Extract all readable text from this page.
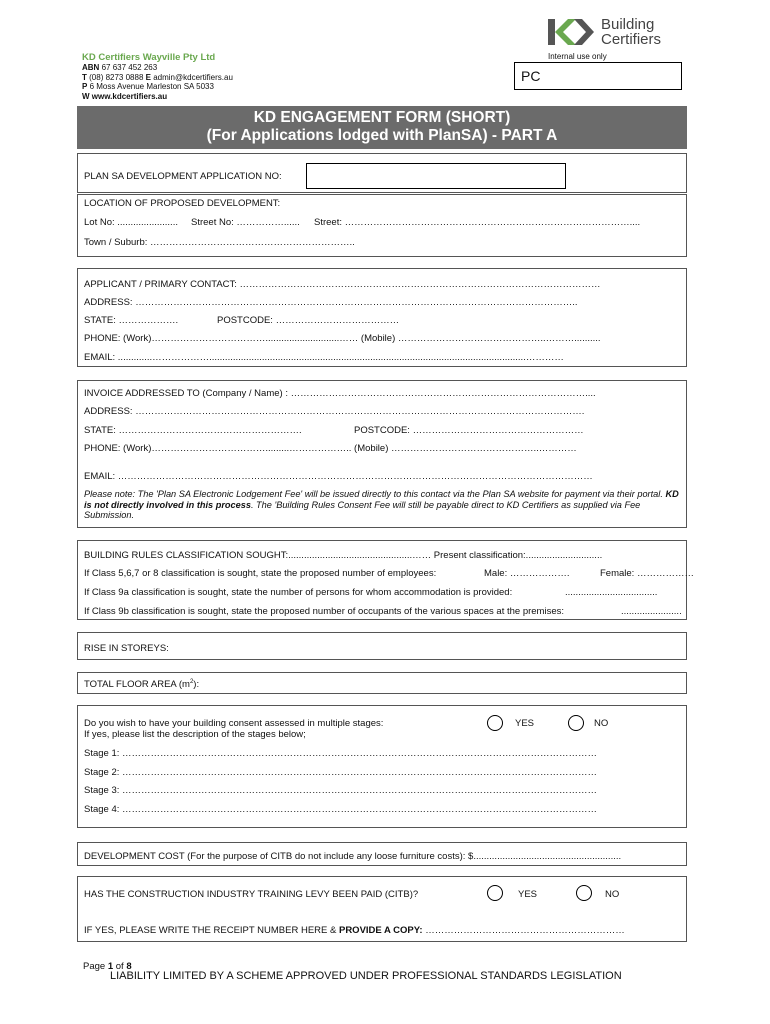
Building
Certifiers
KD Certifiers Wayville Pty Ltd
ABN 67 637 452 263
T (08) 8273 0888 E admin@kdcertifiers.au
P 6 Moss Avenue Marleston SA 5033
W www.kdcertifiers.au
Internal use only
PC
KD ENGAGEMENT FORM (SHORT)
(For Applications lodged with PlanSA) - PART A
PLAN SA DEVELOPMENT APPLICATION NO:
LOCATION OF PROPOSED DEVELOPMENT:
Lot No: ....................... Street No: ……………...... Street: ………………………………………………………………………………....
Town / Suburb: ………………………………………………………..
APPLICANT / PRIMARY CONTACT: ……………………………………………………………………………………………………
ADDRESS: …………………………………………………………………………………………………………………………..
STATE: ……………….	POSTCODE: …………………………………
PHONE: (Work)………………………………............................…… (Mobile) ………………………………………..………..........
EMAIL: .............………………........................................................................................................................…………
INVOICE ADDRESSED TO (Company / Name) : …………………………………………………………………………………....
ADDRESS: …………………………………………………………………………………………………………………………….
STATE: ………………………………………………….	POSTCODE: ………………………………………………
PHONE: (Work)……………………………….........……………….. (Mobile) ………………………………………..…………
EMAIL: ……………………………………………………………………………………………………………………………………
Please note: The 'Plan SA Electronic Lodgement Fee' will be issued directly to this contact via the Plan SA website for payment via their portal. KD is not directly involved in this process. The 'Building Rules Consent Fee will still be payable direct to KD Certifiers as supplied via Fee Submission.
BUILDING RULES CLASSIFICATION SOUGHT:...............................................…… Present classification:.............................
If Class 5,6,7 or 8 classification is sought, state the proposed number of employees:	Male: ……………….	Female: ………………
If Class 9a classification is sought, state the number of persons for whom accommodation is provided:	...................................
If Class 9b classification is sought, state the proposed number of occupants of the various spaces at the premises:	.......................
RISE IN STOREYS:
TOTAL FLOOR AREA $(m^2)$:
Do you wish to have your building consent assessed in multiple stages:
If yes, please list the description of the stages below;
YES	NO
Stage 1: ……………………………………………………………………………………………………………………………………
Stage 2: ……………………………………………………………………………………………………………………………………
Stage 3: ……………………………………………………………………………………………………………………………………
Stage 4: ……………………………………………………………………………………………………………………………………
DEVELOPMENT COST (For the purpose of CITB do not include any loose furniture costs): $........................................................
HAS THE CONSTRUCTION INDUSTRY TRAINING LEVY BEEN PAID (CITB)?	YES	NO
IF YES, PLEASE WRITE THE RECEIPT NUMBER HERE & PROVIDE A COPY: ………………………………………………………
Page 1 of 8
LIABILITY LIMITED BY A SCHEME APPROVED UNDER PROFESSIONAL STANDARDS LEGISLATION
